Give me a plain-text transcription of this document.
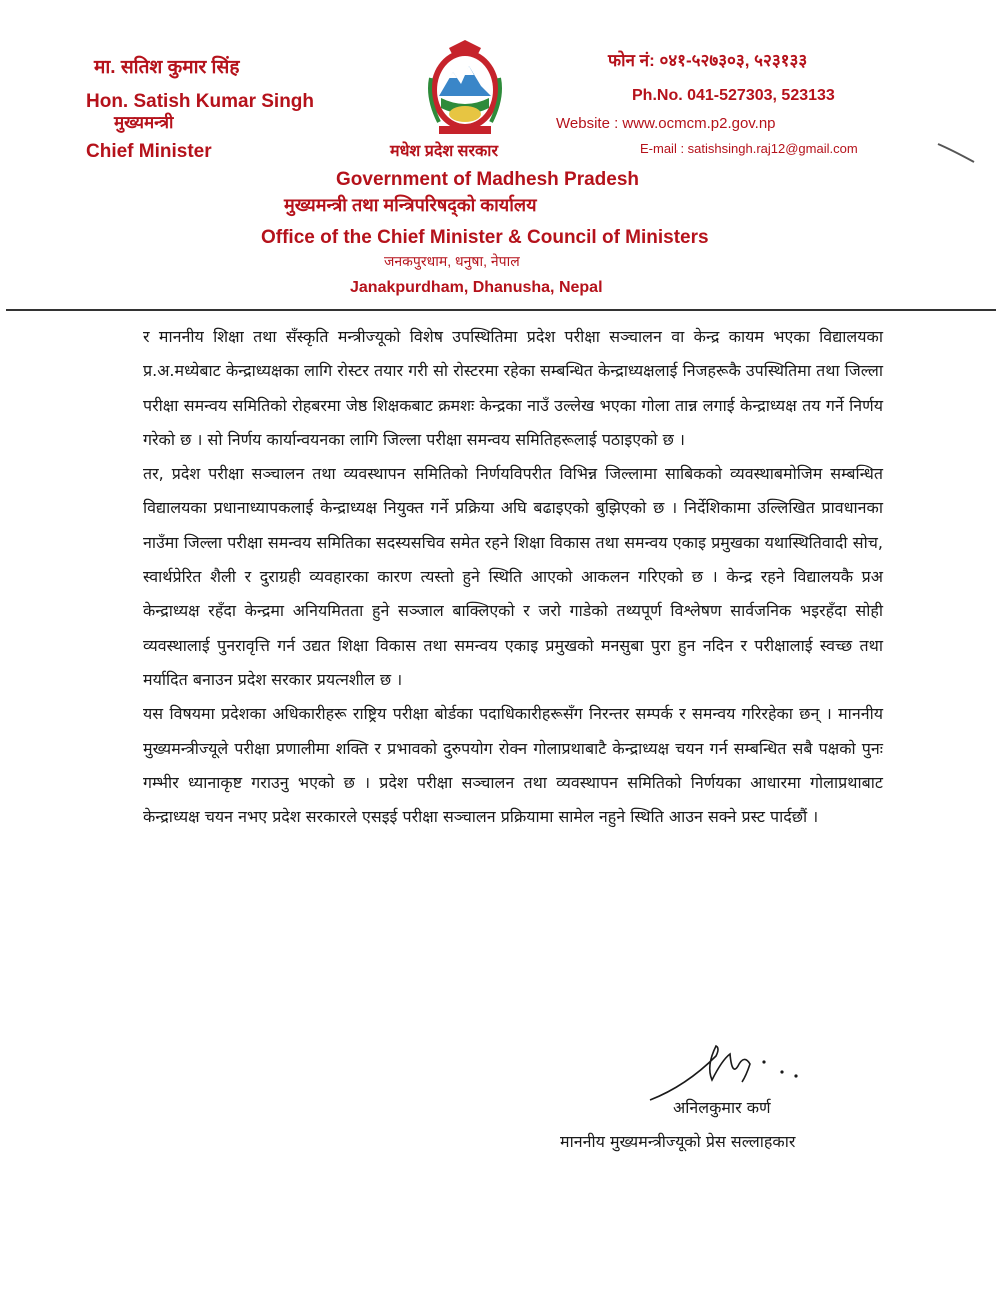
मा. सतिश कुमार सिंह
Hon. Satish Kumar Singh
मुख्यमन्त्री
Chief Minister
फोन नं: ०४१-५२७३०३, ५२३१३३
Ph.No. 041-527303, 523133
Website : www.ocmcm.p2.gov.np
E-mail : satishsingh.raj12@gmail.com
मधेश प्रदेश सरकार
Government of Madhesh Pradesh
मुख्यमन्त्री तथा मन्त्रिपरिषद्को कार्यालय
Office of the Chief Minister & Council of Ministers
जनकपुरधाम, धनुषा, नेपाल
Janakpurdham, Dhanusha, Nepal

र माननीय शिक्षा तथा सँस्कृति मन्त्रीज्यूको विशेष उपस्थितिमा प्रदेश परीक्षा सञ्चालन वा केन्द्र कायम भएका विद्यालयका प्र.अ.मध्येबाट केन्द्राध्यक्षका लागि रोस्टर तयार गरी सो रोस्टरमा रहेका सम्बन्धित केन्द्राध्यक्षलाई निजहरूकै उपस्थितिमा तथा जिल्ला परीक्षा समन्वय समितिको रोहबरमा जेष्ठ शिक्षकबाट क्रमशः केन्द्रका नाउँ उल्लेख भएका गोला तान्न लगाई केन्द्राध्यक्ष तय गर्ने निर्णय गरेको छ । सो निर्णय कार्यान्वयनका लागि जिल्ला परीक्षा समन्वय समितिहरूलाई पठाइएको छ ।

तर, प्रदेश परीक्षा सञ्चालन तथा व्यवस्थापन समितिको निर्णयविपरीत विभिन्न जिल्लामा साबिकको व्यवस्थाबमोजिम सम्बन्धित विद्यालयका प्रधानाध्यापकलाई केन्द्राध्यक्ष नियुक्त गर्ने प्रक्रिया अघि बढाइएको बुझिएको छ । निर्देशिकामा उल्लिखित प्रावधानका नाउँमा जिल्ला परीक्षा समन्वय समितिका सदस्यसचिव समेत रहने शिक्षा विकास तथा समन्वय एकाइ प्रमुखका यथास्थितिवादी सोच, स्वार्थप्रेरित शैली र दुराग्रही व्यवहारका कारण त्यस्तो हुने स्थिति आएको आकलन गरिएको छ । केन्द्र रहने विद्यालयकै प्रअ केन्द्राध्यक्ष रहँदा केन्द्रमा अनियमितता हुने सञ्जाल बाक्लिएको र जरो गाडेको तथ्यपूर्ण विश्लेषण सार्वजनिक भइरहँदा सोही व्यवस्थालाई पुनरावृत्ति गर्न उद्यत शिक्षा विकास तथा समन्वय एकाइ प्रमुखको मनसुबा पुरा हुन नदिन र परीक्षालाई स्वच्छ तथा मर्यादित बनाउन प्रदेश सरकार प्रयत्नशील छ ।

यस विषयमा प्रदेशका अधिकारीहरू राष्ट्रिय परीक्षा बोर्डका पदाधिकारीहरूसँग निरन्तर सम्पर्क र समन्वय गरिरहेका छन् । माननीय मुख्यमन्त्रीज्यूले परीक्षा प्रणालीमा शक्ति र प्रभावको दुरुपयोग रोक्न गोलाप्रथाबाटै केन्द्राध्यक्ष चयन गर्न सम्बन्धित सबै पक्षको पुनः गम्भीर ध्यानाकृष्ट गराउनु भएको छ । प्रदेश परीक्षा सञ्चालन तथा व्यवस्थापन समितिको निर्णयका आधारमा गोलाप्रथाबाट केन्द्राध्यक्ष चयन नभए प्रदेश सरकारले एसइई परीक्षा सञ्चालन प्रक्रियामा सामेल नहुने स्थिति आउन सक्ने प्रस्ट पार्दछौं ।

अनिलकुमार कर्ण
माननीय मुख्यमन्त्रीज्यूको प्रेस सल्लाहकार
